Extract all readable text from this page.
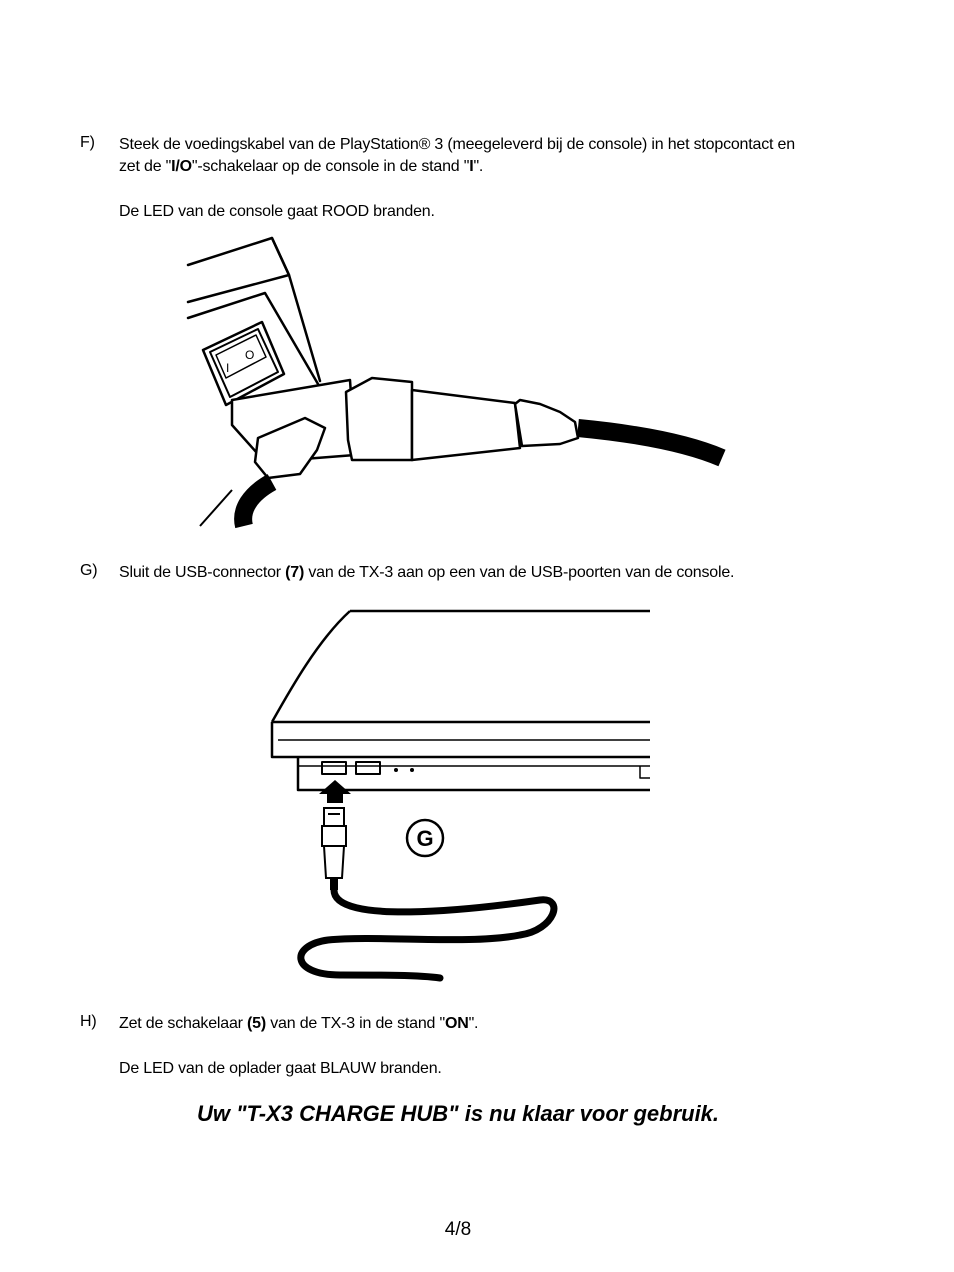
F) Steek de voedingskabel van de PlayStation® 3 (meegeleverd bij de console) in het stopcontact en
zet de "I/O"-schakelaar op de console in de stand "I".
De LED van de console gaat ROOD branden.
I
O
G) Sluit de USB-connector (7) van de TX-3 aan op een van de USB-poorten van de console.
G
H) Zet de schakelaar (5) van de TX-3 in de stand "ON".
De LED van de oplader gaat BLAUW branden.
Uw "T-X3 CHARGE HUB" is nu klaar voor gebruik.
4/8
